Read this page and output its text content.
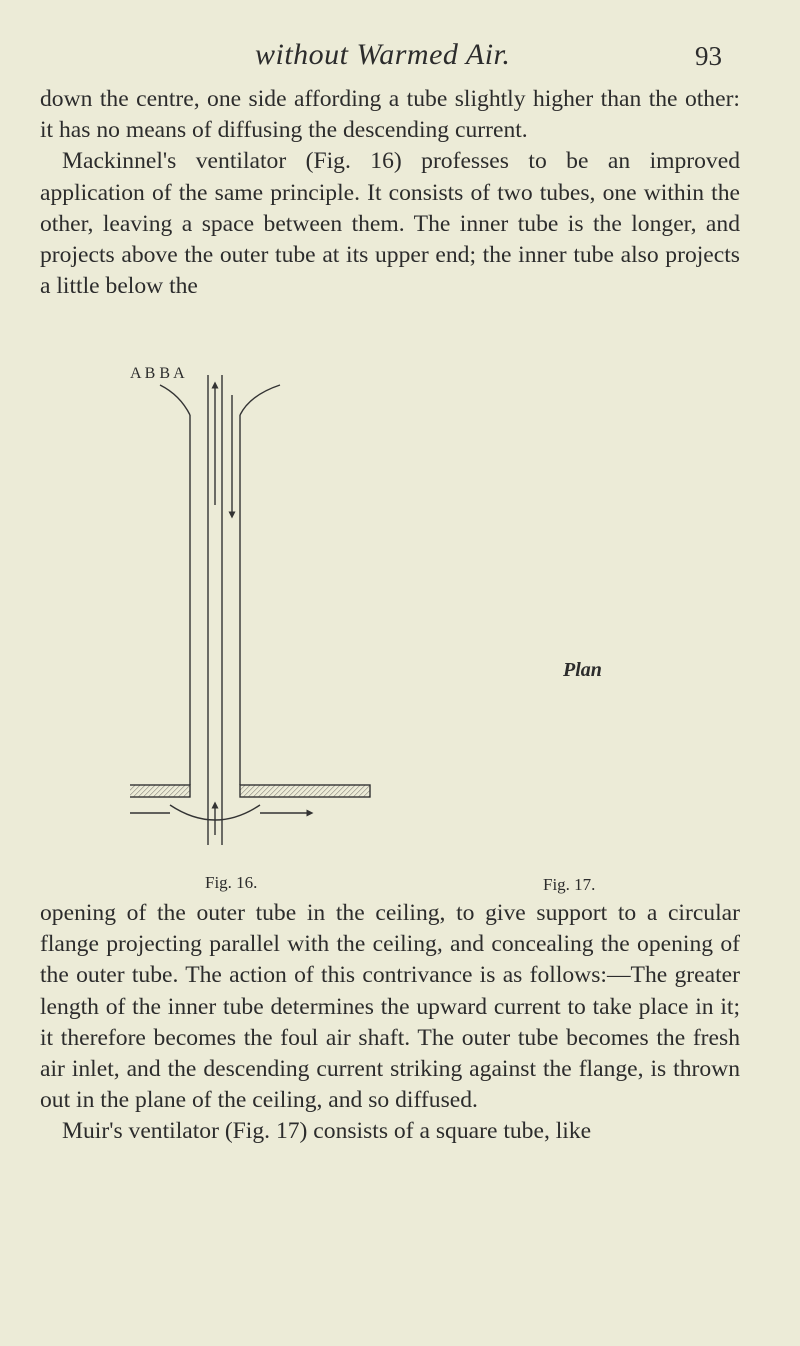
without Warmed Air.	93

down the centre, one side affording a tube slightly higher than the other: it has no means of diffusing the descending current.

Mackinnel's ventilator (Fig. 16) professes to be an improved application of the same principle. It consists of two tubes, one within the other, leaving a space between them. The inner tube is the longer, and projects above the outer tube at its upper end; the inner tube also projects a little below the

A B B A
Plan
Fig. 16.	Fig. 17.

opening of the outer tube in the ceiling, to give support to a circular flange projecting parallel with the ceiling, and concealing the opening of the outer tube. The action of this contrivance is as follows:—The greater length of the inner tube determines the upward current to take place in it; it therefore becomes the foul air shaft. The outer tube becomes the fresh air inlet, and the descending current striking against the flange, is thrown out in the plane of the ceiling, and so diffused.

Muir's ventilator (Fig. 17) consists of a square tube, like
